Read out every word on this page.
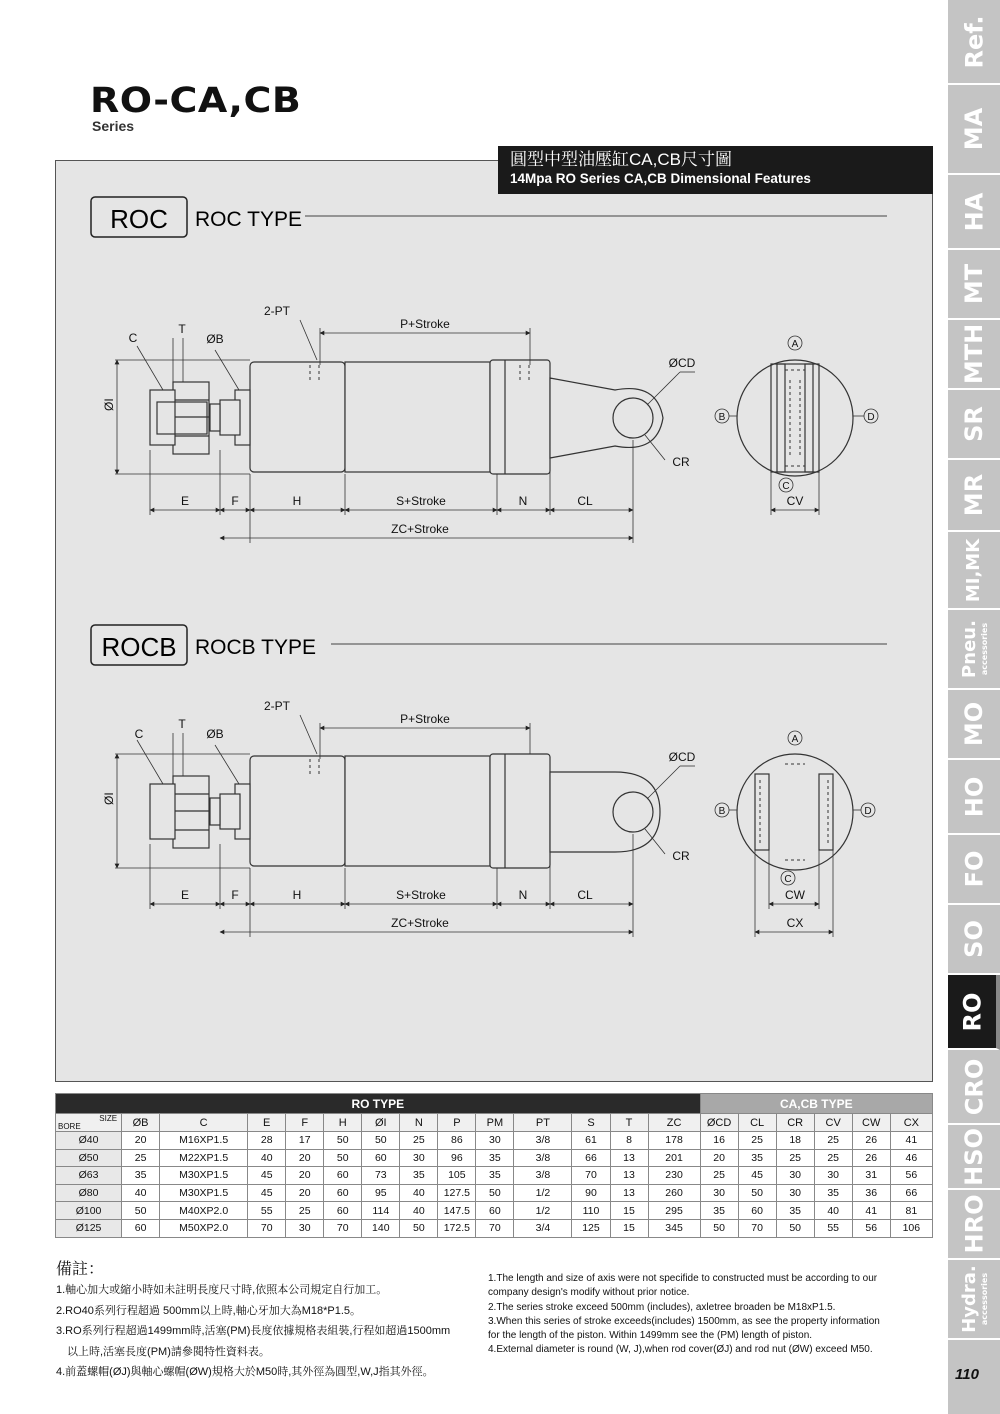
RO-CA,CB
Series
圓型中型油壓缸CA,CB尺寸圖
14Mpa RO Series CA,CB Dimensional Features
ROC ROC TYPE
ØI
E	F	H	S+Stroke	N	CL
ZC+Stroke
P+Stroke
2-PT
C
T
ØB
ØCD
CR
CV
A
B	D
C
ROCB ROCB TYPE
ØI
E	F	H	S+Stroke	N	CL
ZC+Stroke
P+Stroke
2-PT
C
T
ØB
ØCD
CR
CW
CX
A
B	D
C
RO TYPE														CA,CB TYPE					

SIZE
BORE	ØB	C	E	F	H	ØI	N	P	PM	PT	S	T	ZC	ØCD	CL	CR	CV	CW	CX
Ø40	20	M16XP1.5	28	17	50	50	25	86	30	3/8	61	8	178	16	25	18	25	26	41
Ø50	25	M22XP1.5	40	20	50	60	30	96	35	3/8	66	13	201	20	35	25	25	26	46
Ø63	35	M30XP1.5	45	20	60	73	35	105	35	3/8	70	13	230	25	45	30	30	31	56
Ø80	40	M30XP1.5	45	20	60	95	40	127.5	50	1/2	90	13	260	30	50	30	35	36	66
Ø100	50	M40XP2.0	55	25	60	114	40	147.5	60	1/2	110	15	295	35	60	35	40	41	81
Ø125	60	M50XP2.0	70	30	70	140	50	172.5	70	3/4	125	15	345	50	70	50	55	56	106
備註：

1.軸心加大或縮小時如未註明長度尺寸時,依照本公司規定自行加工。

2.RO40系列行程超過 500mm以上時,軸心牙加大為M18*P1.5。

3.RO系列行程超過1499mm時,活塞(PM)長度依據規格表組裝,行程如超過1500mm

　以上時,活塞長度(PM)請參閱特性資料表。

4.前蓋螺帽(ØJ)與軸心螺帽(ØW)規格大於M50時,其外徑為圓型,W,J指其外徑。

1.The length and size of axis were not specifide to constructed must be according to our

company design's modify without prior notice.

2.The series stroke exceed 500mm (includes), axletree broaden be M18xP1.5.

3.When this series of stroke exceeds(includes) 1500mm, as see the property information

for the length of the piston. Within 1499mm see the (PM) length of piston.

4.External diameter is round (W, J),when rod cover(ØJ) and rod nut (ØW) exceed M50.

Ref.
MA
HA
MT
MTH
SR
MR
MI,MK
Pneu. accessories
MO
HO
FO
SO
RO
CRO
HSO
HRO
Hydra. accessories
110
